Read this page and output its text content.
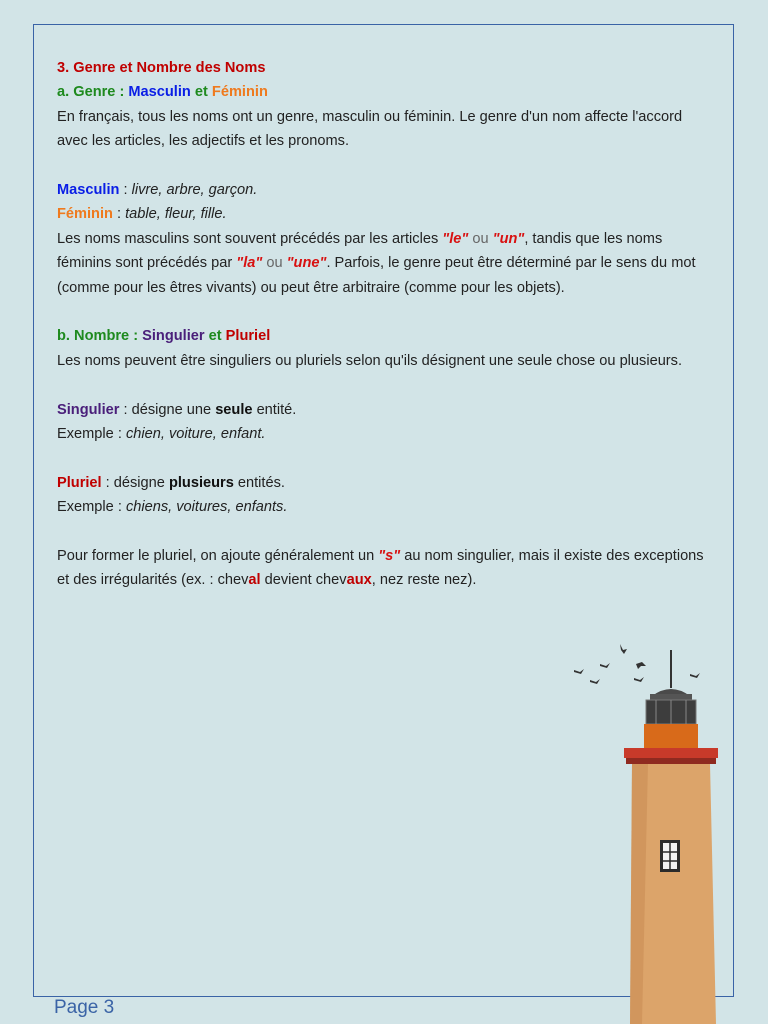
3. Genre et Nombre des Noms

a. Genre : Masculin et Féminin

En français, tous les noms ont un genre, masculin ou féminin. Le genre d'un nom affecte l'accord avec les articles, les adjectifs et les pronoms.

Masculin : livre, arbre, garçon.

Féminin : table, fleur, fille.

Les noms masculins sont souvent précédés par les articles "le" ou "un", tandis que les noms féminins sont précédés par "la" ou "une". Parfois, le genre peut être déterminé par le sens du mot (comme pour les êtres vivants) ou peut être arbitraire (comme pour les objets).

b. Nombre : Singulier et Pluriel

Les noms peuvent être singuliers ou pluriels selon qu'ils désignent une seule chose ou plusieurs.

Singulier : désigne une seule entité.

Exemple : chien, voiture, enfant.

Pluriel : désigne plusieurs entités.

Exemple : chiens, voitures, enfants.

Pour former le pluriel, on ajoute généralement un "s" au nom singulier, mais il existe des exceptions et des irrégularités (ex. : cheval devient chevaux, nez reste nez).

Page 3
